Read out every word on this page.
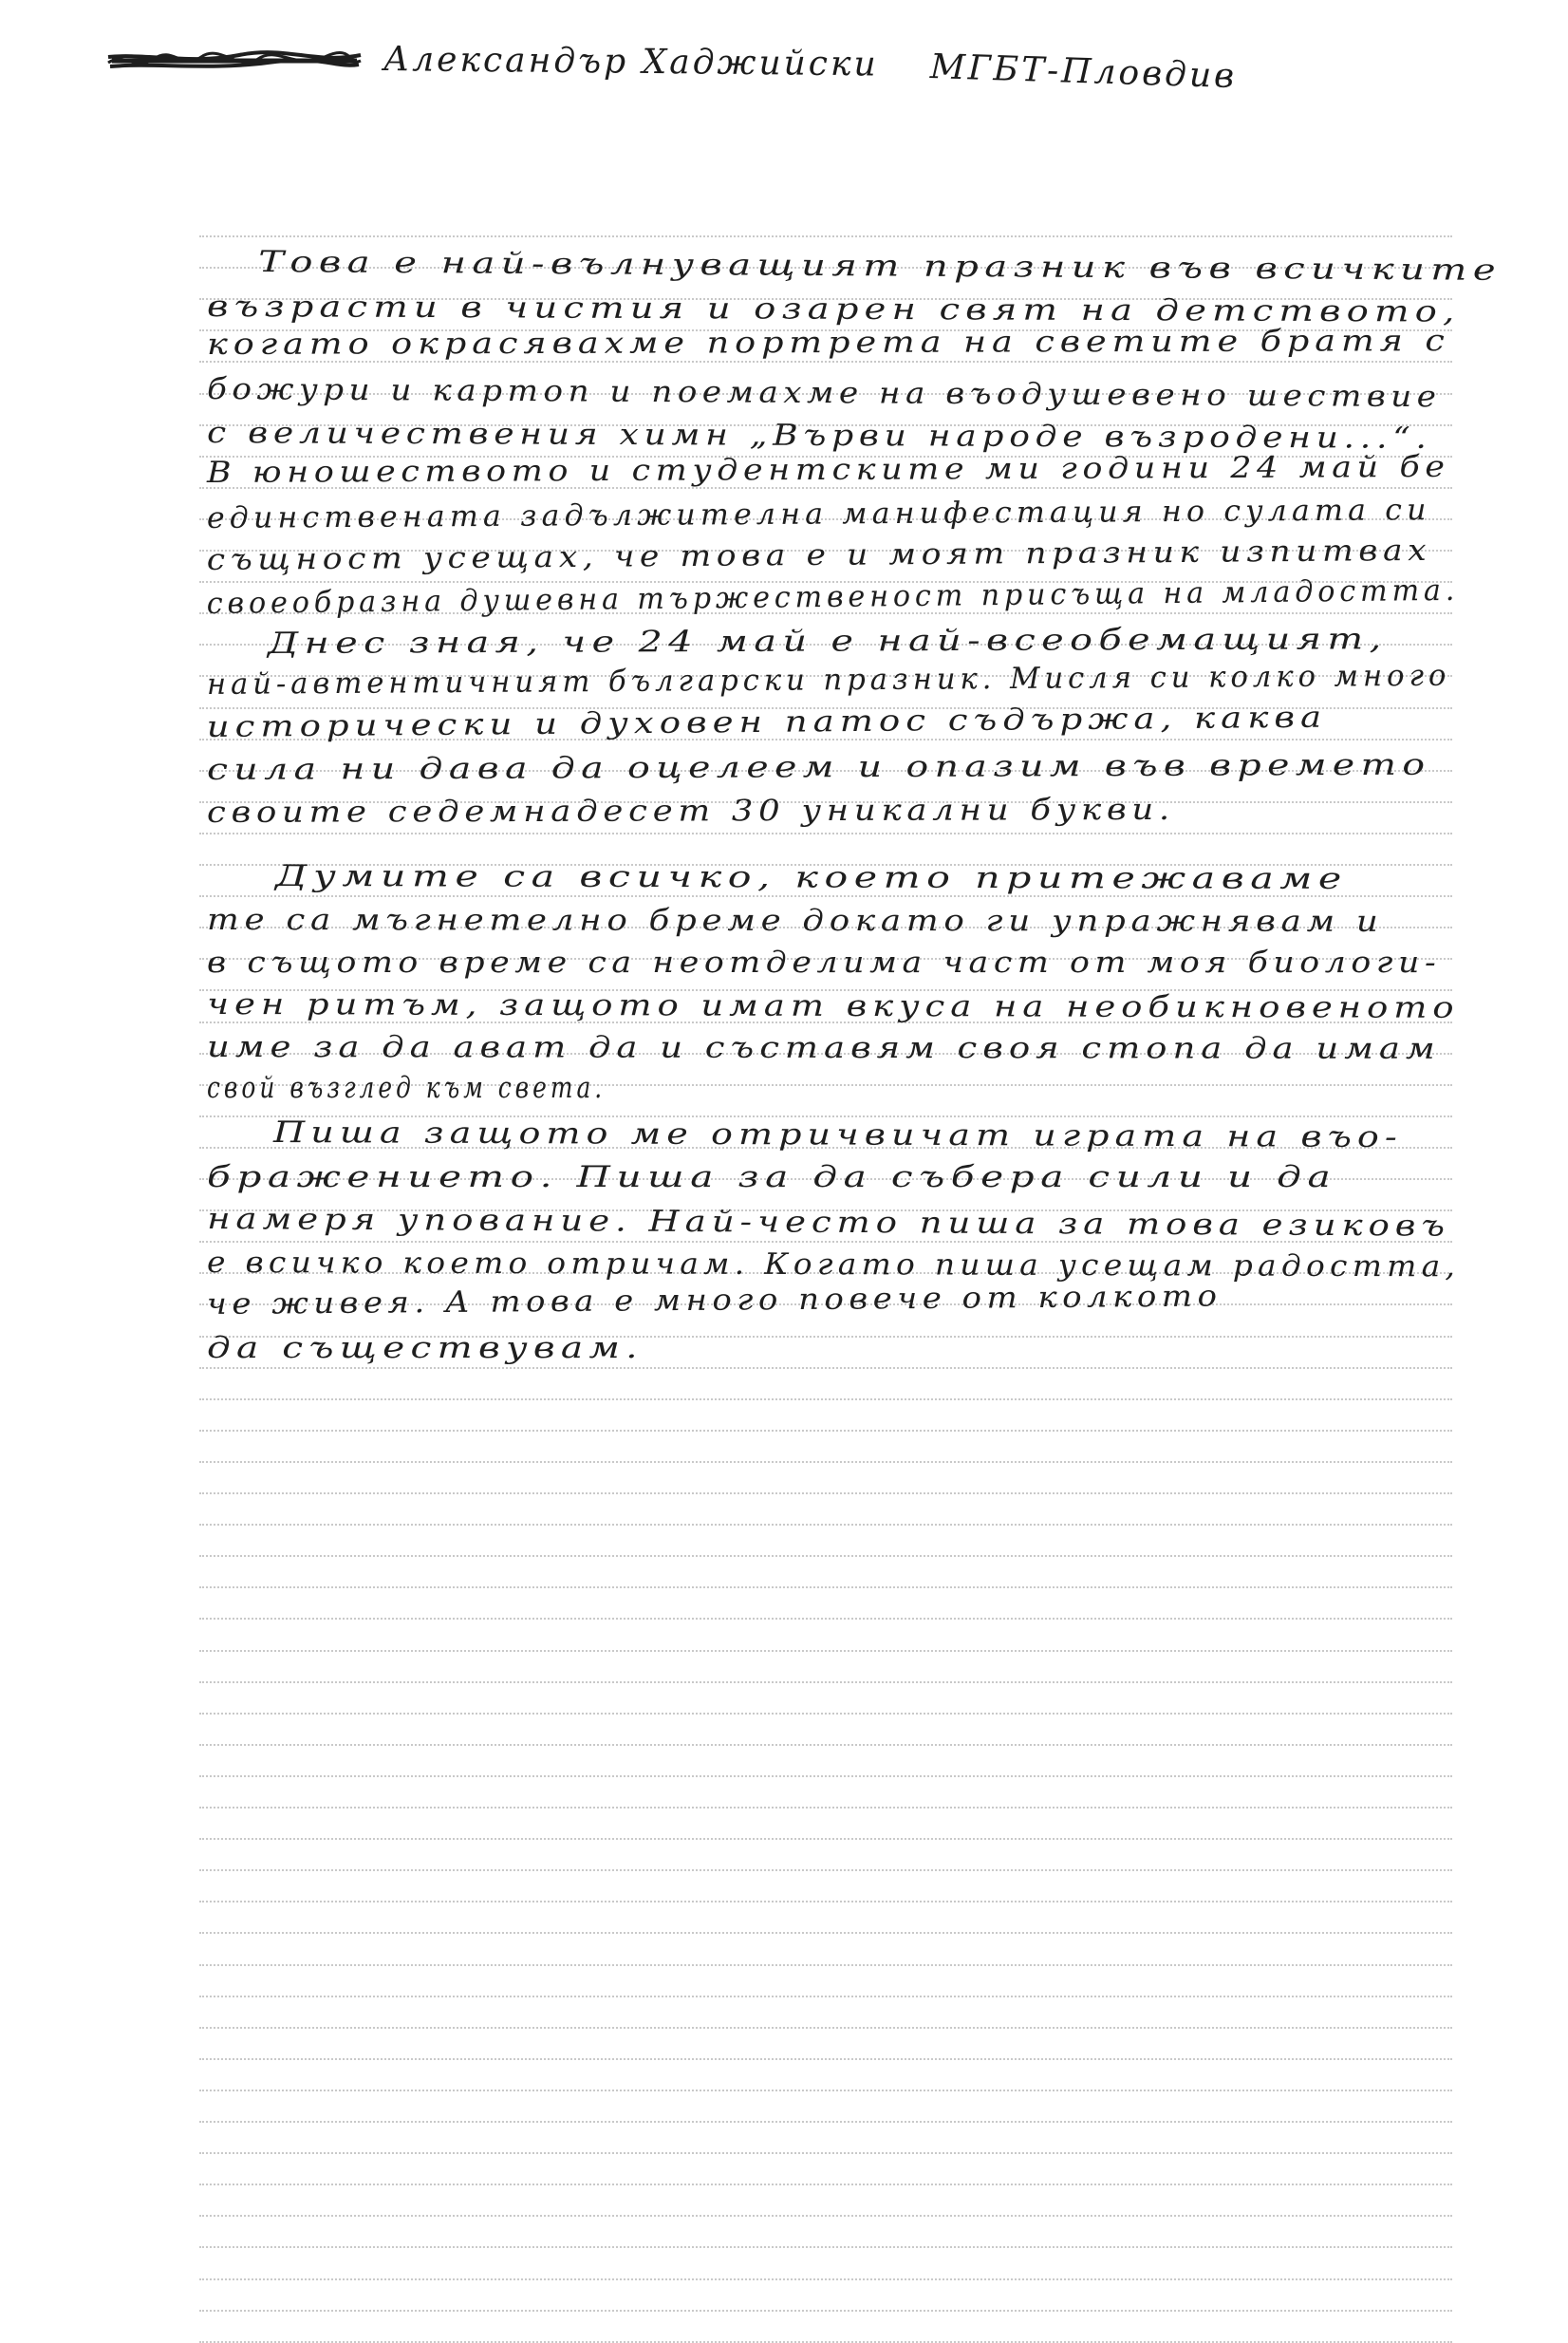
Александър Хаджийски МГБТ-Пловдив
Това е най-вълнуващият празник във всичките
възрасти в чистия и озарен свят на детството,
когато окрасявахме портрета на светите братя с
божури и картоп и поемахме на въодушевено шествие
с величествения химн „Върви народе възродени...“.
В юношеството и студентските ми години 24 май бе
единствената задължителна манифестация но сулата си
същност усещах, че това е и моят празник изпитвах
своеобразна душевна тържественост присъща на младостта.
Днес зная, че 24 май е най-всеобемащият,
най-автентичният български празник. Мисля си колко много
исторически и духовен патос съдържа, каква
сила ни дава да оцелеем и опазим във времето
своите седемнадесет 30 уникални букви.
Думите са всичко, което притежаваме
те са мъгнетелно бреме докато ги упражнявам и
в същото време са неотделима част от моя биологи-
чен ритъм, защото имат вкуса на необикновеното
име за да ават да и съставям своя стопа да имам
свой възглед към света.
Пиша защото ме отричвичат играта на въо-
бражението. Пиша за да събера сили и да
намеря упование. Най-често пиша за това езиковъ
е всичко което отричам. Когато пиша усещам радостта,
че живея. А това е много повече от колкото
да съществувам.
